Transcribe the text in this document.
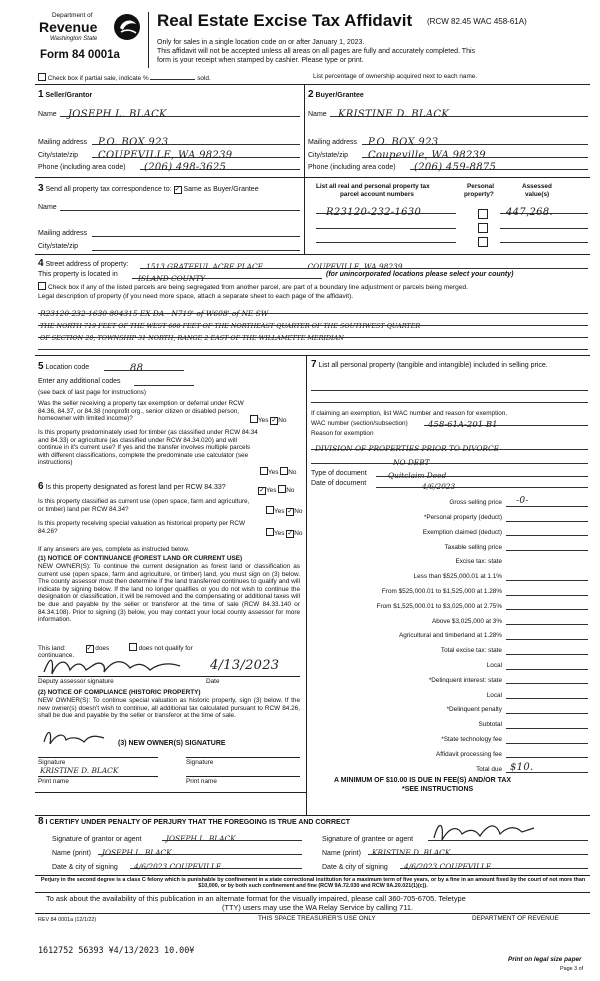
Department of
Revenue
Washington State
Form 84 0001a
Real Estate Excise Tax Affidavit (RCW 82.45 WAC 458-61A)
Only for sales in a single location code on or after January 1, 2023.
This affidavit will not be accepted unless all areas on all pages are fully and accurately completed. This
form is your receipt when stamped by cashier. Please type or print.
Check box if partial sale, indicate %	sold.	List percentage of ownership acquired next to each name.
1 Seller/Grantor
Name	JOSEPH L. BLACK
Mailing address	P.O. BOX 923
City/state/zip	COUPEVILLE, WA 98239
Phone (including area code)	(206) 498-3625
2 Buyer/Grantee
Name	KRISTINE D. BLACK
Mailing address	P.O. BOX 923
City/state/zip	Coupeville, WA 98239
Phone (including area code)	(206) 459-8875
3 Send all property tax correspondence to: ✓ Same as Buyer/Grantee
Name
Mailing address
City/state/zip
List all real and personal property tax
parcel account numbers
Personal
property?
Assessed
value(s)
R23120-232-1630	447,268.
4 Street address of property:	1513 GRATEFUL ACRE PLACE	COUPEVILLE, WA 98239
This property is located in	ISLAND COUNTY	(for unincorporated locations please select your county)
Check box if any of the listed parcels are being segregated from another parcel, are part of a boundary line adjustment or parcels being merged.
Legal description of property (if you need more space, attach a separate sheet to each page of the affidavit).
R23120-232-1630 804315 EX DA - N719' of W608' of NE SW
THE NORTH 719 FEET OF THE WEST 608 FEET OF THE NORTHEAST QUARTER OF THE SOUTHWEST QUARTER
OF SECTION 20, TOWNSHIP 31 NORTH, RANGE 2 EAST OF THE WILLAMETTE MERIDIAN
5 Location code	88
Enter any additional codes
(see back of last page for instructions)
Was the seller receiving a property tax exemption or deferral under RCW 84.36, 84.37, or 84.38 (nonprofit org., senior citizen or disabled person, homeowner with limited income)?	Yes ✓No
Is this property predominately used for timber (as classified under RCW 84.34 and 84.33) or agriculture (as classified under RCW 84.34.020) and will continue in it's current use? If yes and the transfer involves multiple parcels with different classifications, complete the predominate use calculator (see instructions)
Yes No
6 Is this property designated as forest land per RCW 84.33?	✓Yes No
Is this property classified as current use (open space, farm and agriculture, or timber) land per RCW 84.34?	Yes ✓No
Is this property receiving special valuation as historical property per RCW 84.26?	Yes ✓No
If any answers are yes, complete as instructed below.
(1) NOTICE OF CONTINUANCE (FOREST LAND OR CURRENT USE)
NEW OWNER(S): To continue the current designation as forest land or classification as current use (open space, farm and agriculture, or timber) land, you must sign on (3) below. The county assessor must then determine if the land transferred continues to qualify and will indicate by signing below. If the land no longer qualifies or you do not wish to continue the designation or classification, it will be removed and the compensating or additional taxes will be due and payable by the seller or transferor at the time of sale (RCW 84.33.140 or 84.34.108). Prior to signing (3) below, you may contact your local county assessor for more information.
This land:	✓ does	does not qualify for
continuance.
4/13/2023
Deputy assessor signature	Date
(2) NOTICE OF COMPLIANCE (HISTORIC PROPERTY)
NEW OWNER(S): To continue special valuation as historic property, sign (3) below. If the new owner(s) doesn't wish to continue, all additional tax calculated pursuant to RCW 84.26, shall be due and payable by the seller or transferor at the time of sale.
(3) NEW OWNER(S) SIGNATURE
Signature	Signature
KRISTINE D. BLACK
Print name	Print name
7 List all personal property (tangible and intangible) included in selling price.
If claiming an exemption, list WAC number and reason for exemption.
WAC number (section/subsection)	458-61A-201 B1
Reason for exemption
DIVISION OF PROPERTIES PRIOR TO DIVORCE
NO DEBT
Type of document	Quitclaim Deed
Date of document	4/6/2023
Gross selling price	-0-
*Personal property (deduct)
Exemption claimed (deduct)
Taxable selling price
Excise tax: state
Less than $525,000.01 at 1.1%
From $525,000.01 to $1,525,000 at 1.28%
From $1,525,000.01 to $3,025,000 at 2.75%
Above $3,025,000 at 3%
Agricultural and timberland at 1.28%
Total excise tax: state
Local
*Delinquent interest: state
Local
*Delinquent penalty
Subtotal
*State technology fee
Affidavit processing fee
Total due $10.
A MINIMUM OF $10.00 IS DUE IN FEE(S) AND/OR TAX
*SEE INSTRUCTIONS
8 I CERTIFY UNDER PENALTY OF PERJURY THAT THE FOREGOING IS TRUE AND CORRECT
Signature of grantor or agent	JOSEPH L. BLACK
Name (print)	JOSEPH L. BLACK
Date & city of signing	4/6/2023 COUPEVILLE
Signature of grantee or agent
Name (print)	KRISTINE D. BLACK
Date & city of signing	4/6/2023 COUPEVILLE
Perjury in the second degree is a class C felony which is punishable by confinement in a state correctional institution for a maximum term of five years, or by a fine in an amount fixed by the court of not more than $10,000, or by both such confinement and fine (RCW 9A.72.030 and RCW 9A.20.021(1)(c)).
To ask about the availability of this publication in an alternate format for the visually impaired, please call 360-705-6705. Teletype
(TTY) users may use the WA Relay Service by calling 711.
REV 84 0001a (12/1/22)	THIS SPACE TREASURER'S USE ONLY	DEPARTMENT OF REVENUE
1612752 56393 ¥4/13/2023 10.00¥
Print on legal size paper
Page 3 of
